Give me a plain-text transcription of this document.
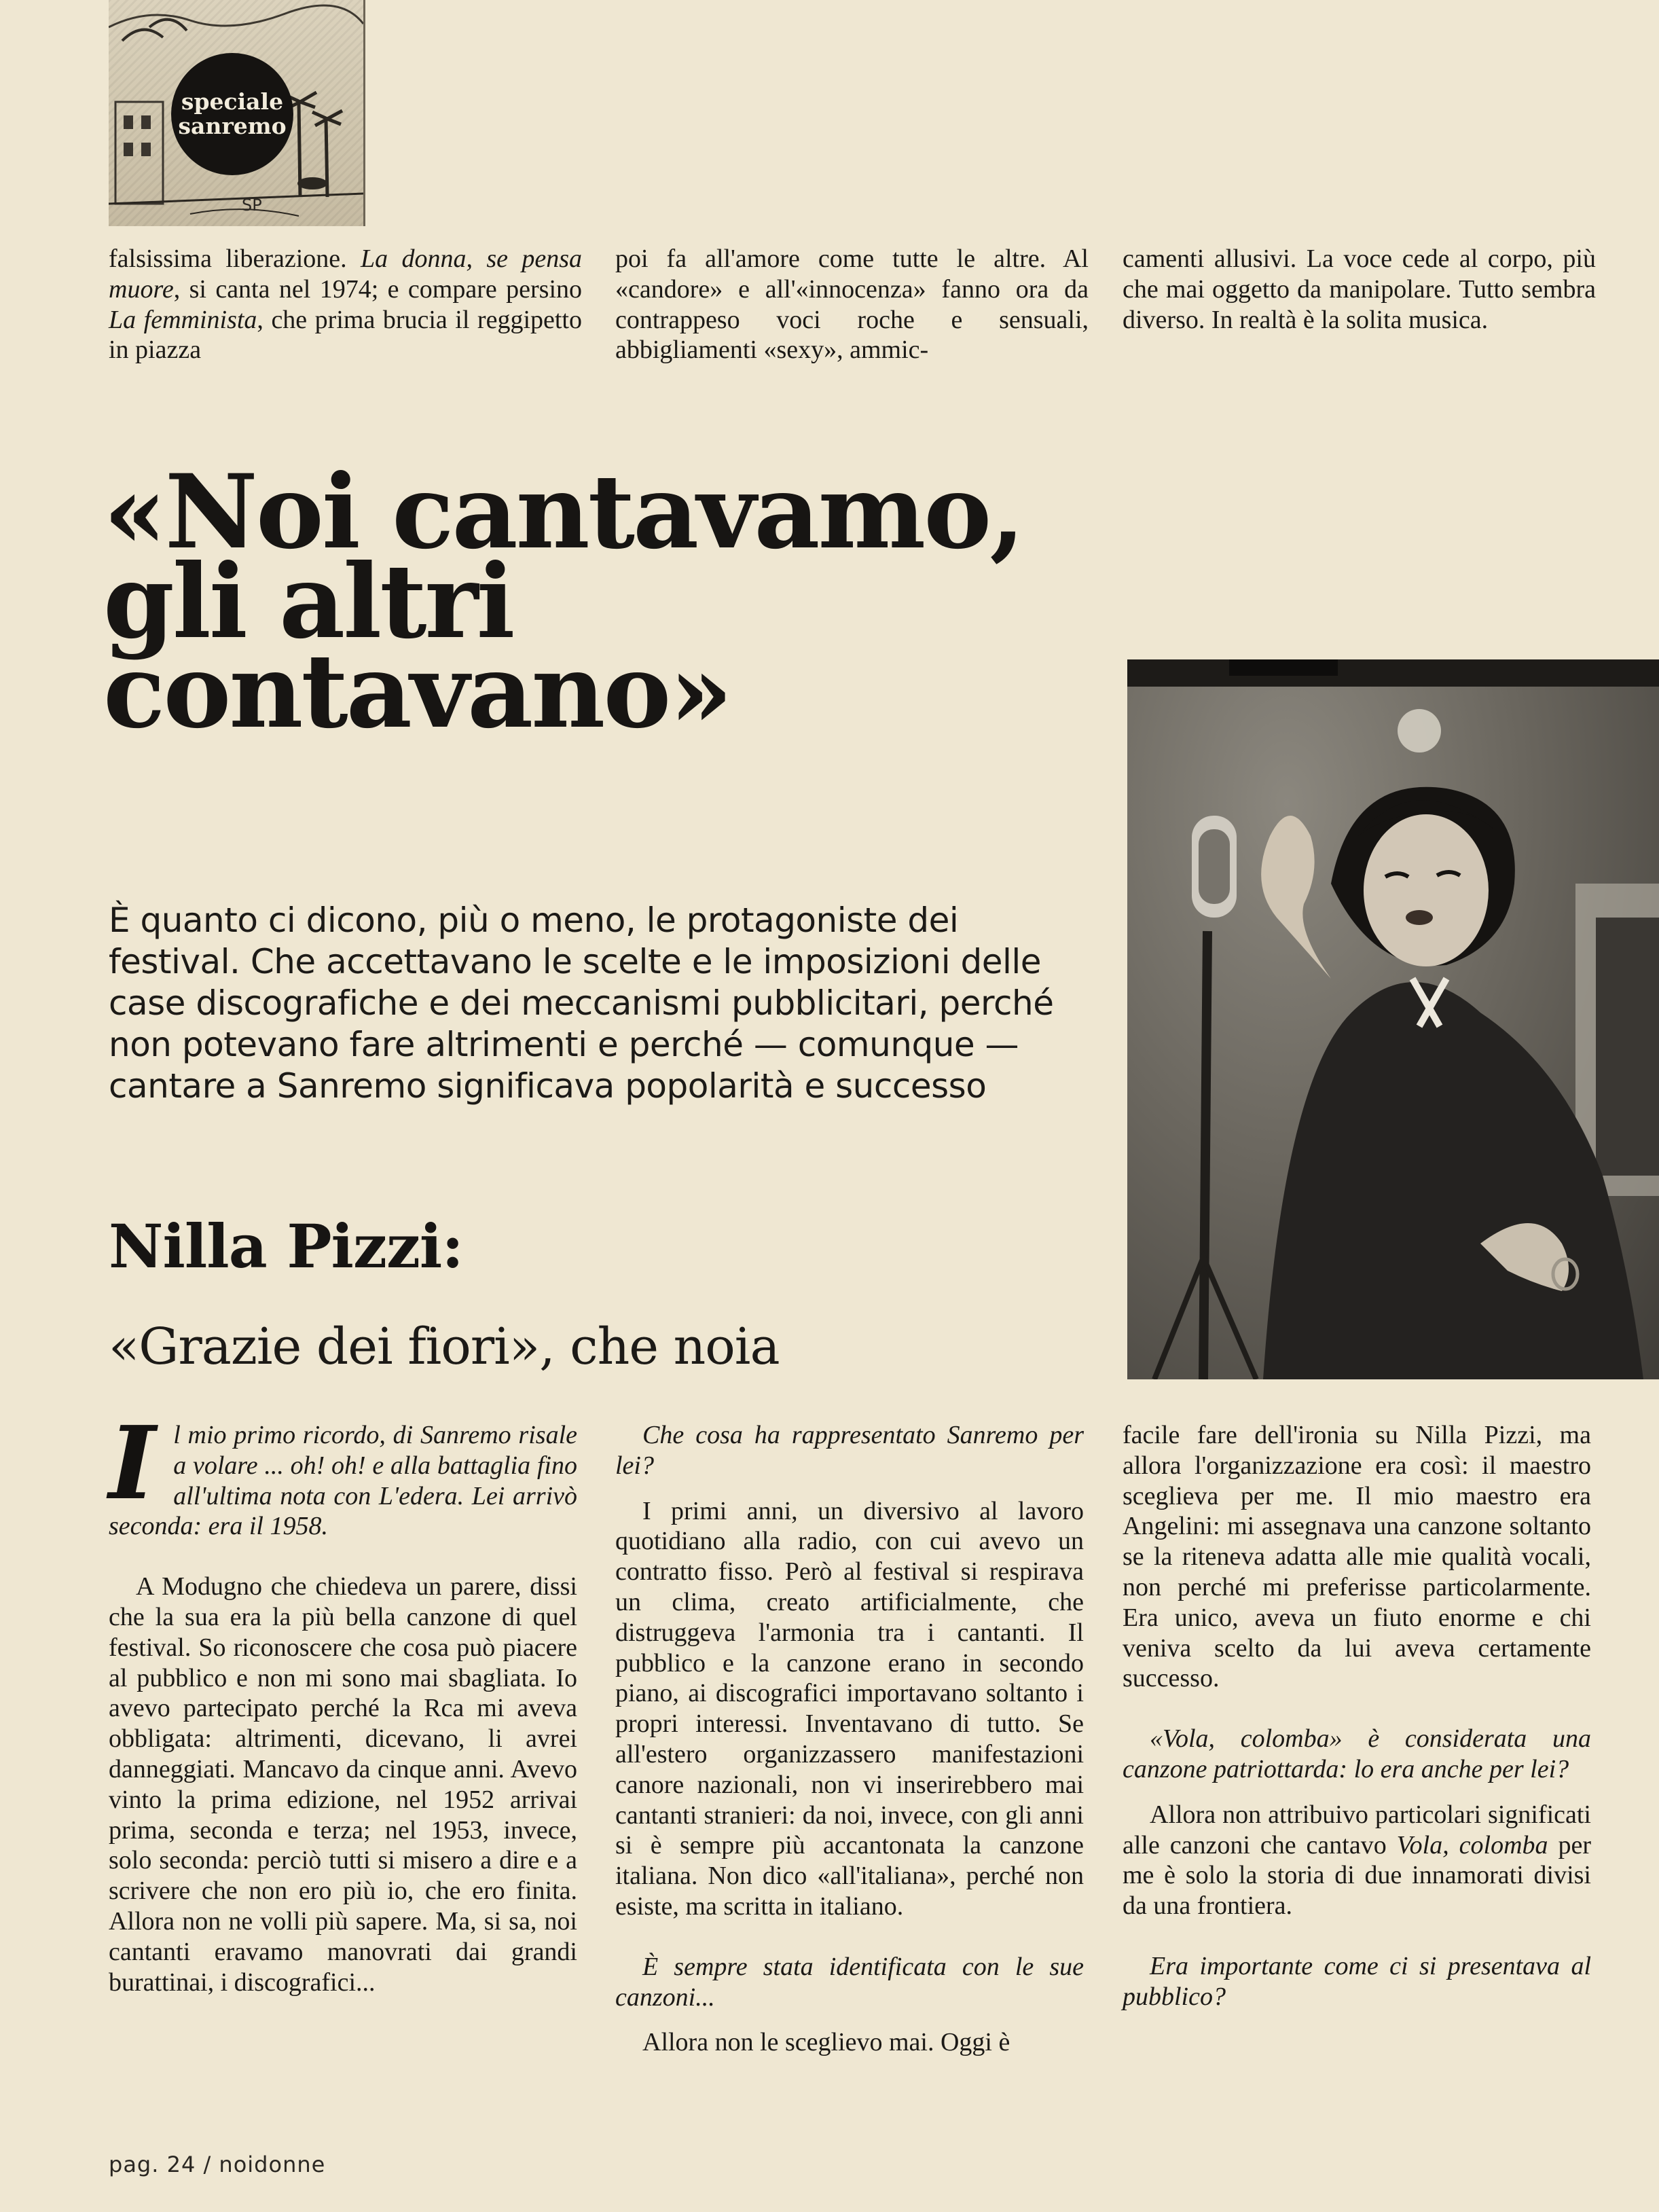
speciale
sanremo
SP

falsissima liberazione. La donna, se pensa muore, si canta nel 1974; e compare persino La femminista, che prima brucia il reggipetto in piazza

poi fa all'amore come tutte le altre. Al «candore» e all'«innocenza» fanno ora da contrappeso voci roche e sensuali, abbigliamenti «sexy», ammic-

camenti allusivi. La voce cede al corpo, più che mai oggetto da manipolare. Tutto sembra diverso. In realtà è la solita musica.

«Noi cantavamo,
gli altri
contavano»
È quanto ci dicono, più o meno, le protagoniste dei festival. Che accettavano le scelte e le imposizioni delle case discografiche e dei meccanismi pubblicitari, perché non potevano fare altrimenti e perché — comunque — cantare a Sanremo significava popolarità e successo
Nilla Pizzi:
«Grazie dei fiori», che noia

Il mio primo ricordo, di Sanremo risale a volare ... oh! oh! e alla battaglia fino all'ultima nota con L'edera. Lei arrivò seconda: era il 1958.

A Modugno che chiedeva un parere, dissi che la sua era la più bella canzone di quel festival. So riconoscere che cosa può piacere al pubblico e non mi sono mai sbagliata. Io avevo partecipato perché la Rca mi aveva obbligata: altrimenti, dicevano, li avrei danneggiati. Mancavo da cinque anni. Avevo vinto la prima edizione, nel 1952 arrivai prima, seconda e terza; nel 1953, invece, solo seconda: perciò tutti si misero a dire e a scrivere che non ero più io, che ero finita. Allora non ne volli più sapere. Ma, si sa, noi cantanti eravamo manovrati dai grandi burattinai, i discografici...

Che cosa ha rappresentato Sanremo per lei?

I primi anni, un diversivo al lavoro quotidiano alla radio, con cui avevo un contratto fisso. Però al festival si respirava un clima, creato artificialmente, che distruggeva l'armonia tra i cantanti. Il pubblico e la canzone erano in secondo piano, ai discografici importavano soltanto i propri interessi. Inventavano di tutto. Se all'estero organizzassero manifestazioni canore nazionali, non vi inserirebbero mai cantanti stranieri: da noi, invece, con gli anni si è sempre più accantonata la canzone italiana. Non dico «all'italiana», perché non esiste, ma scritta in italiano.

È sempre stata identificata con le sue canzoni...

Allora non le sceglievo mai. Oggi è

facile fare dell'ironia su Nilla Pizzi, ma allora l'organizzazione era così: il maestro sceglieva per me. Il mio maestro era Angelini: mi assegnava una canzone soltanto se la riteneva adatta alle mie qualità vocali, non perché mi preferisse particolarmente. Era unico, aveva un fiuto enorme e chi veniva scelto da lui aveva certamente successo.

«Vola, colomba» è considerata una canzone patriottarda: lo era anche per lei?

Allora non attribuivo particolari significati alle canzoni che cantavo Vola, colomba per me è solo la storia di due innamorati divisi da una frontiera.

Era importante come ci si presentava al pubblico?

pag. 24 / noidonne
